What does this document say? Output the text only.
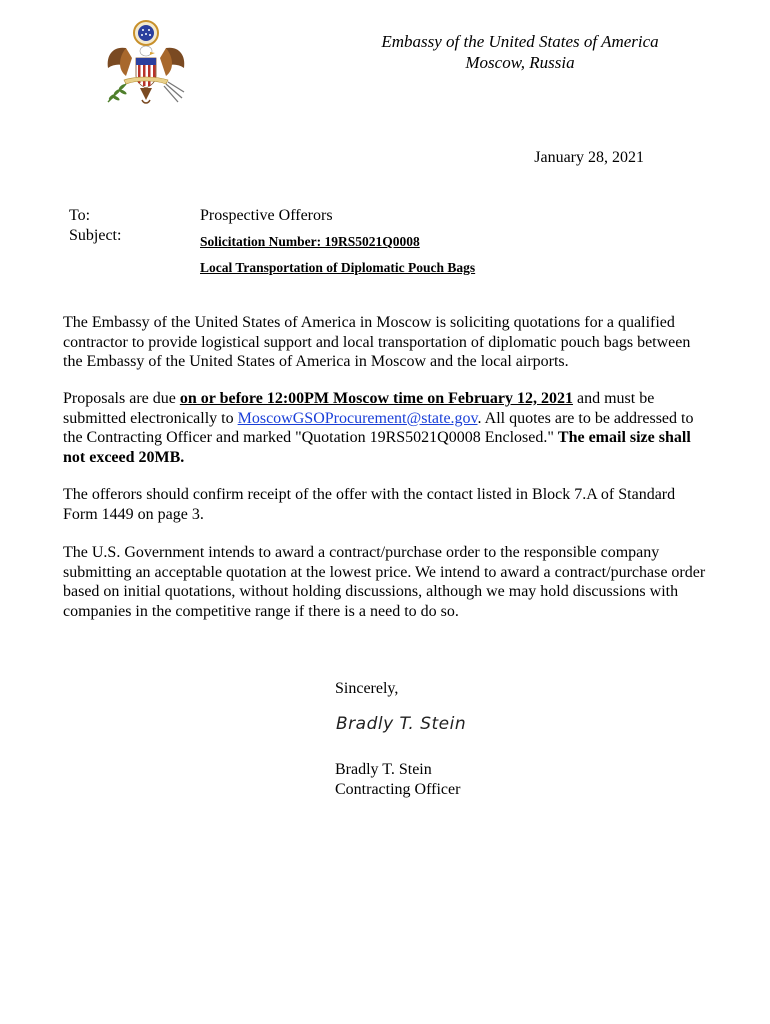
Embassy of the United States of America
Moscow, Russia
January 28, 2021
To:
Subject:
Prospective Offerors
Solicitation Number: 19RS5021Q0008
Local Transportation of Diplomatic Pouch Bags

The Embassy of the United States of America in Moscow is soliciting quotations for a qualified contractor to provide logistical support and local transportation of diplomatic pouch bags between the Embassy of the United States of America in Moscow and the local airports.

Proposals are due on or before 12:00PM Moscow time on February 12, 2021 and must be submitted electronically to MoscowGSOProcurement@state.gov. All quotes are to be addressed to the Contracting Officer and marked "Quotation 19RS5021Q0008 Enclosed." The email size shall not exceed 20MB.

The offerors should confirm receipt of the offer with the contact listed in Block 7.A of Standard Form 1449 on page 3.

The U.S. Government intends to award a contract/purchase order to the responsible company submitting an acceptable quotation at the lowest price. We intend to award a contract/purchase order based on initial quotations, without holding discussions, although we may hold discussions with companies in the competitive range if there is a need to do so.

Sincerely,
Bradly T. Stein
Bradly T. Stein
Contracting Officer
